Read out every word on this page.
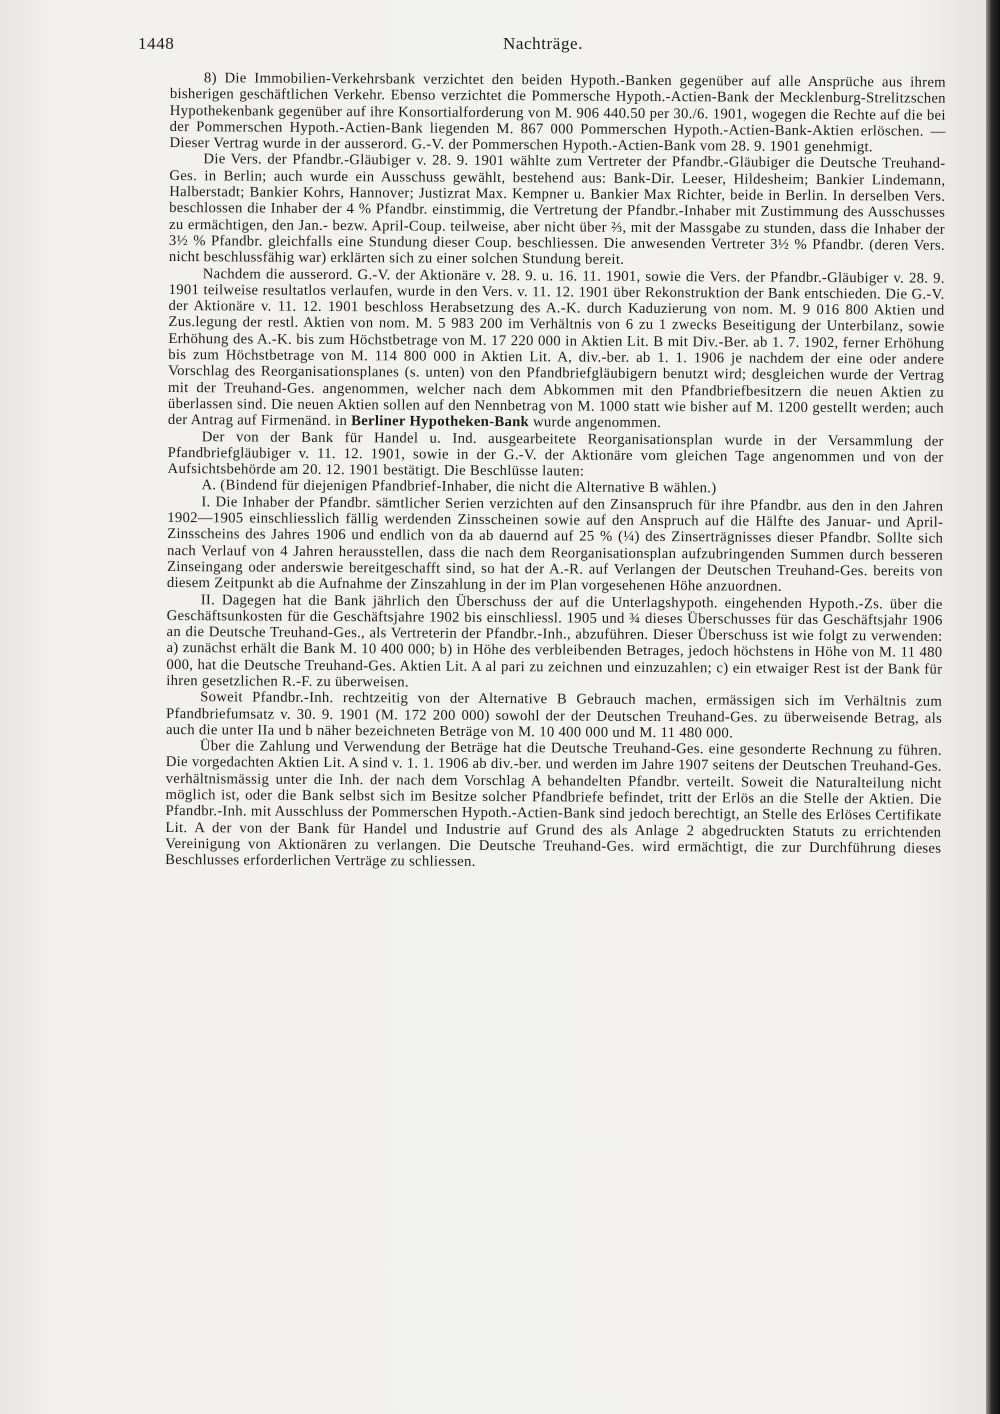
1448	Nachträge.

8) Die Immobilien-Verkehrsbank verzichtet den beiden Hypoth.-Banken gegenüber auf alle Ansprüche aus ihrem bisherigen geschäftlichen Verkehr. Ebenso verzichtet die Pommersche Hypoth.-Actien-Bank der Mecklenburg-Strelitzschen Hypothekenbank gegenüber auf ihre Konsortialforderung von M. 906 440.50 per 30./6. 1901, wogegen die Rechte auf die bei der Pommerschen Hypoth.-Actien-Bank liegenden M. 867 000 Pommerschen Hypoth.-Actien-Bank-Aktien erlöschen. — Dieser Vertrag wurde in der ausserord. G.-V. der Pommerschen Hypoth.-Actien-Bank vom 28. 9. 1901 genehmigt.

Die Vers. der Pfandbr.-Gläubiger v. 28. 9. 1901 wählte zum Vertreter der Pfandbr.-Gläubiger die Deutsche Treuhand-Ges. in Berlin; auch wurde ein Ausschuss gewählt, bestehend aus: Bank-Dir. Leeser, Hildesheim; Bankier Lindemann, Halberstadt; Bankier Kohrs, Hannover; Justizrat Max. Kempner u. Bankier Max Richter, beide in Berlin. In derselben Vers. beschlossen die Inhaber der 4 % Pfandbr. einstimmig, die Vertretung der Pfandbr.-Inhaber mit Zustimmung des Ausschusses zu ermächtigen, den Jan.- bezw. April-Coup. teilweise, aber nicht über ⅔, mit der Massgabe zu stunden, dass die Inhaber der 3½ % Pfandbr. gleichfalls eine Stundung dieser Coup. beschliessen. Die anwesenden Vertreter 3½ % Pfandbr. (deren Vers. nicht beschlussfähig war) erklärten sich zu einer solchen Stundung bereit.

Nachdem die ausserord. G.-V. der Aktionäre v. 28. 9. u. 16. 11. 1901, sowie die Vers. der Pfandbr.-Gläubiger v. 28. 9. 1901 teilweise resultatlos verlaufen, wurde in den Vers. v. 11. 12. 1901 über Rekonstruktion der Bank entschieden. Die G.-V. der Aktionäre v. 11. 12. 1901 beschloss Herabsetzung des A.-K. durch Kaduzierung von nom. M. 9 016 800 Aktien und Zus.legung der restl. Aktien von nom. M. 5 983 200 im Verhältnis von 6 zu 1 zwecks Beseitigung der Unterbilanz, sowie Erhöhung des A.-K. bis zum Höchstbetrage von M. 17 220 000 in Aktien Lit. B mit Div.-Ber. ab 1. 7. 1902, ferner Erhöhung bis zum Höchstbetrage von M. 114 800 000 in Aktien Lit. A, div.-ber. ab 1. 1. 1906 je nachdem der eine oder andere Vorschlag des Reorganisationsplanes (s. unten) von den Pfandbriefgläubigern benutzt wird; desgleichen wurde der Vertrag mit der Treuhand-Ges. angenommen, welcher nach dem Abkommen mit den Pfandbriefbesitzern die neuen Aktien zu überlassen sind. Die neuen Aktien sollen auf den Nennbetrag von M. 1000 statt wie bisher auf M. 1200 gestellt werden; auch der Antrag auf Firmenänd. in Berliner Hypotheken-Bank wurde angenommen.

Der von der Bank für Handel u. Ind. ausgearbeitete Reorganisationsplan wurde in der Versammlung der Pfandbriefgläubiger v. 11. 12. 1901, sowie in der G.-V. der Aktionäre vom gleichen Tage angenommen und von der Aufsichtsbehörde am 20. 12. 1901 bestätigt. Die Beschlüsse lauten:

A. (Bindend für diejenigen Pfandbrief-Inhaber, die nicht die Alternative B wählen.)

I. Die Inhaber der Pfandbr. sämtlicher Serien verzichten auf den Zinsanspruch für ihre Pfandbr. aus den in den Jahren 1902—1905 einschliesslich fällig werdenden Zinsscheinen sowie auf den Anspruch auf die Hälfte des Januar- und April-Zinsscheins des Jahres 1906 und endlich von da ab dauernd auf 25 % (¼) des Zinserträgnisses dieser Pfandbr. Sollte sich nach Verlauf von 4 Jahren herausstellen, dass die nach dem Reorganisationsplan aufzubringenden Summen durch besseren Zinseingang oder anderswie bereitgeschafft sind, so hat der A.-R. auf Verlangen der Deutschen Treuhand-Ges. bereits von diesem Zeitpunkt ab die Aufnahme der Zinszahlung in der im Plan vorgesehenen Höhe anzuordnen.

II. Dagegen hat die Bank jährlich den Überschuss der auf die Unterlagshypoth. eingehenden Hypoth.-Zs. über die Geschäftsunkosten für die Geschäftsjahre 1902 bis einschliessl. 1905 und ¾ dieses Überschusses für das Geschäftsjahr 1906 an die Deutsche Treuhand-Ges., als Vertreterin der Pfandbr.-Inh., abzuführen. Dieser Überschuss ist wie folgt zu verwenden: a) zunächst erhält die Bank M. 10 400 000; b) in Höhe des verbleibenden Betrages, jedoch höchstens in Höhe von M. 11 480 000, hat die Deutsche Treuhand-Ges. Aktien Lit. A al pari zu zeichnen und einzuzahlen; c) ein etwaiger Rest ist der Bank für ihren gesetzlichen R.-F. zu überweisen.

Soweit Pfandbr.-Inh. rechtzeitig von der Alternative B Gebrauch machen, ermässigen sich im Verhältnis zum Pfandbriefumsatz v. 30. 9. 1901 (M. 172 200 000) sowohl der der Deutschen Treuhand-Ges. zu überweisende Betrag, als auch die unter IIa und b näher bezeichneten Beträge von M. 10 400 000 und M. 11 480 000.

Über die Zahlung und Verwendung der Beträge hat die Deutsche Treuhand-Ges. eine gesonderte Rechnung zu führen. Die vorgedachten Aktien Lit. A sind v. 1. 1. 1906 ab div.-ber. und werden im Jahre 1907 seitens der Deutschen Treuhand-Ges. verhältnismässig unter die Inh. der nach dem Vorschlag A behandelten Pfandbr. verteilt. Soweit die Naturalteilung nicht möglich ist, oder die Bank selbst sich im Besitze solcher Pfandbriefe befindet, tritt der Erlös an die Stelle der Aktien. Die Pfandbr.-Inh. mit Ausschluss der Pommerschen Hypoth.-Actien-Bank sind jedoch berechtigt, an Stelle des Erlöses Certifikate Lit. A der von der Bank für Handel und Industrie auf Grund des als Anlage 2 abgedruckten Statuts zu errichtenden Vereinigung von Aktionären zu verlangen. Die Deutsche Treuhand-Ges. wird ermächtigt, die zur Durchführung dieses Beschlusses erforderlichen Verträge zu schliessen.
